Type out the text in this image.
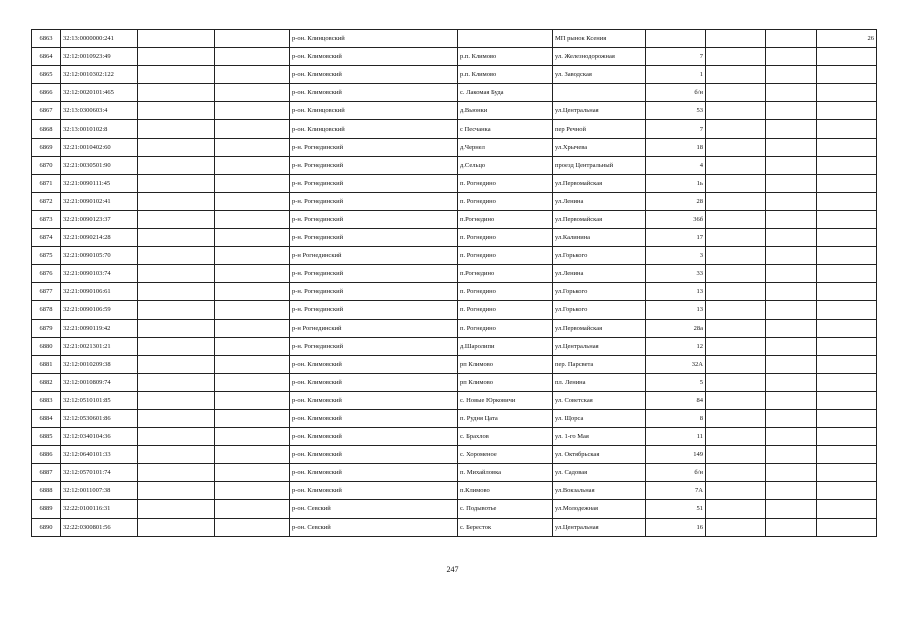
6863	32:13:0000000:241			р-он. Клинцовский		МП рынок Ксения				26
6864	32:12:0010923:49			р-он. Климовский	р.п. Климово	ул. Железнодорожная	7			
6865	32:12:0010302:122			р-он. Климовский	р.п. Климово	ул. Заводская	1			
6866	32:12:0020101:465			р-он. Климовский	с. Лакомая Буда		б/н			
6867	32:13:0300603:4			р-он. Клинцовский	д.Вьюнки	ул.Центральная	53			
6868	32:13:0010102:8			р-он. Клинцовский	с Песчанка	пер Речной	7			
6869	32:21:0010402:60			р-н. Рогнединский	д.Чернел	ул.Хрычева	18			
6870	32:21:0030501:90			р-н. Рогнединский	д.Сельцо	проезд Центральный	4			
6871	32:21:0090111:45			р-н. Рогнединский	п. Рогнедино	ул.Первомайская	1ь			
6872	32:21:0090102:41			р-н. Рогнединский	п. Рогнедино	ул.Ленина	28			
6873	32:21:0090123:37			р-н. Рогнединский	п.Рогнедино	ул.Первомайская	36б			
6874	32:21:0090214:28			р-н. Рогнединский	п. Рогнедино	ул.Калинина	17			
6875	32:21:0090105:70			р-н Рогнединский	п. Рогнедино	ул.Горького	3			
6876	32:21:0090103:74			р-н. Рогнединский	п.Рогнедино	ул.Ленина	33			
6877	32:21:0090106:61			р-н. Рогнединский	п. Рогнедино	ул.Горького	13			
6878	32:21:0090106:59			р-н. Рогнединский	п. Рогнедино	ул.Горького	13			
6879	32:21:0090119:42			р-н Рогнединский	п. Рогнедино	ул.Первомайская	28а			
6880	32:21:0021301:21			р-н. Рогнединский	д.Шаролипи	ул.Центральная	12			
6881	32:12:0010209:38			р-он. Климовский	рп Климово	пер. Парсвета	32А			
6882	32:12:0010809:74			р-он. Климовский	рп Климово	пл. Ленина	5			
6883	32:12:0510101:85			р-он. Климовский	с. Новые Юрковичи	ул. Советская	84			
6884	32:12:0530601:86			р-он. Климовский	п. Рудня Цата	ул. Щорса	8			
6885	32:12:0340104:36			р-он. Климовский	с. Брахлов	ул. 1-го Мая	11			
6886	32:12:0640101:33			р-он. Климовский	с. Хороменое	ул. Октябрьская	149			
6887	32:12:0570101:74			р-он. Климовский	п. Михайловка	ул. Садовая	б/н			
6888	32:12:0011007:38			р-он. Климовский	п.Климово	ул.Вокзальная	7А			
6889	32:22:0100116:31			р-он. Севский	с. Подывотье	ул.Молодежная	51			
6890	32:22:0300801:56			р-он. Севский	с. Бересток	ул.Центральная	16			
247
